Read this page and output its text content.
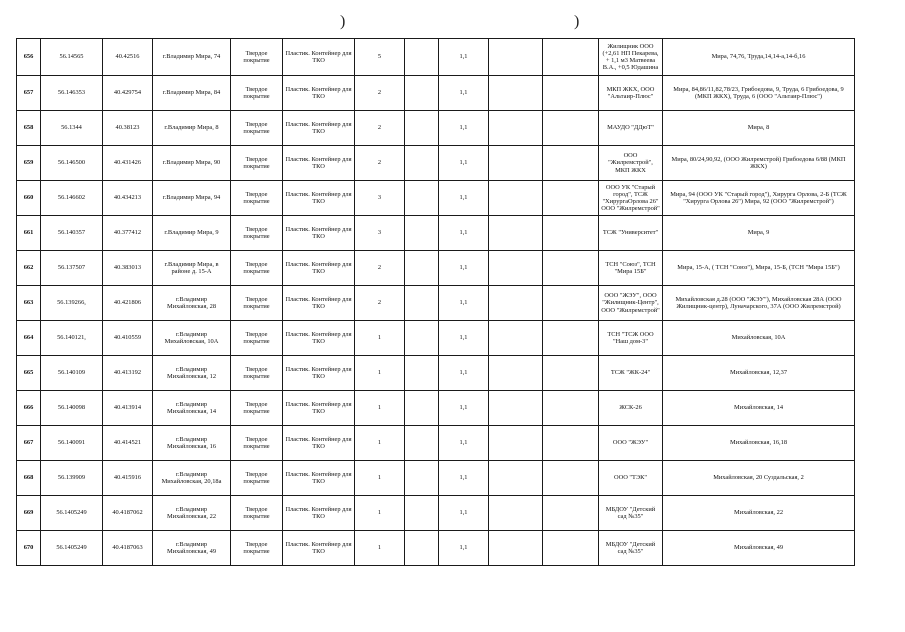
)	)
656	56.14565	40.42516	г.Владимир Мира, 74	Твердое покрытие	Пластик. Контейнер для ТКО	5		1,1			Жилищник ООО (+2,61 НП Пекарева, + 1,1 м3 Матвеева В.А., +0,5 Юдашина	Мира, 74,76, Труда,14,14-а,14-б,16
657	56.146353	40.429754	г.Владимир Мира, 84	Твердое покрытие	Пластик. Контейнер для ТКО	2		1,1			МКП ЖКХ, ООО "Альтаир-Плюс"	Мира, 84,86/11,82,78/23, Грибоедова, 9, Труда, 6 Грибоедова, 9 (МКП ЖКХ), Труда, 6 (ООО "Альтаир-Плюс")
658	56.1344	40.38123	г.Владимир Мира, 8	Твердое покрытие	Пластик. Контейнер для ТКО	2		1,1			МАУДО "ДДюТ"	Мира, 8
659	56.146500	40.431426	г.Владимир Мира, 90	Твердое покрытие	Пластик. Контейнер для ТКО	2		1,1			ООО "Жилремстрой", МКП ЖКХ	Мира, 80/24,90,92, (ООО Жилремстрой) Грибоедова 6/88 (МКП ЖКХ)
660	56.146602	40.434213	г.Владимир Мира, 94	Твердое покрытие	Пластик. Контейнер для ТКО	3		1,1			ООО УК "Старый город", ТСЖ "ХирургаОрлова 26" ООО "Жилремстрой"	Мира, 94 (ООО УК "Старый город"), Хирурга Орлова, 2-Б (ТСЖ "Хирурга Орлова 26") Мира, 92 (ООО "Жилремстрой")
661	56.140357	40.377412	г.Владимир Мира, 9	Твердое покрытие	Пластик. Контейнер для ТКО	3		1,1			ТСЖ "Университет"	Мира, 9
662	56.137507	40.383013	г.Владимир Мира, в районе д. 15-А	Твердое покрытие	Пластик. Контейнер для ТКО	2		1,1			ТСН "Союз", ТСН "Мира 15Б"	Мира, 15-А, ( ТСН "Союз"), Мира, 15-Б, (ТСН "Мира 15Б")
663	56.139266,	40.421806	г.Владимир Михайловская, 28	Твердое покрытие	Пластик. Контейнер для ТКО	2		1,1			ООО "ЖЭУ", ООО "Жилищник-Центр", ООО "Жилремстрой"	Михайловская д.28 (ООО "ЖЭУ"), Михайловская 28А (ООО Жилищник-центр), Луначарского, 37А (ООО Жилремстрой)
664	56.140121,	40.410559	г.Владимир Михайловская, 10А	Твердое покрытие	Пластик. Контейнер для ТКО	1		1,1			ТСН "ТСЖ ООО "Наш дом-3"	Михайловская, 10А
665	56.140109	40.413192	г.Владимир Михайловская, 12	Твердое покрытие	Пластик. Контейнер для ТКО	1		1,1			ТСЖ "ЖК-24"	Михайловская, 12,37
666	56.140098	40.413914	г.Владимир Михайловская, 14	Твердое покрытие	Пластик. Контейнер для ТКО	1		1,1			ЖСК-26	Михайловская, 14
667	56.140091	40.414521	г.Владимир Михайловская, 16	Твердое покрытие	Пластик. Контейнер для ТКО	1		1,1			ООО "ЖЭУ"	Михайловская, 16,18
668	56.139909	40.415916	г.Владимир Михайловская, 20,18а	Твердое покрытие	Пластик. Контейнер для ТКО	1		1,1			ООО "ТЭК"	Михайловская, 20 Суздальская, 2
669	56.1405249	40.4187062	г.Владимир Михайловская, 22	Твердое покрытие	Пластик. Контейнер для ТКО	1		1,1			МБДОУ "Детский сад №35"	Михайловская, 22
670	56.1405249	40.4187063	г.Владимир Михайловская, 49	Твердое покрытие	Пластик. Контейнер для ТКО	1		1,1			МБДОУ "Детский сад №35"	Михайловская, 49
